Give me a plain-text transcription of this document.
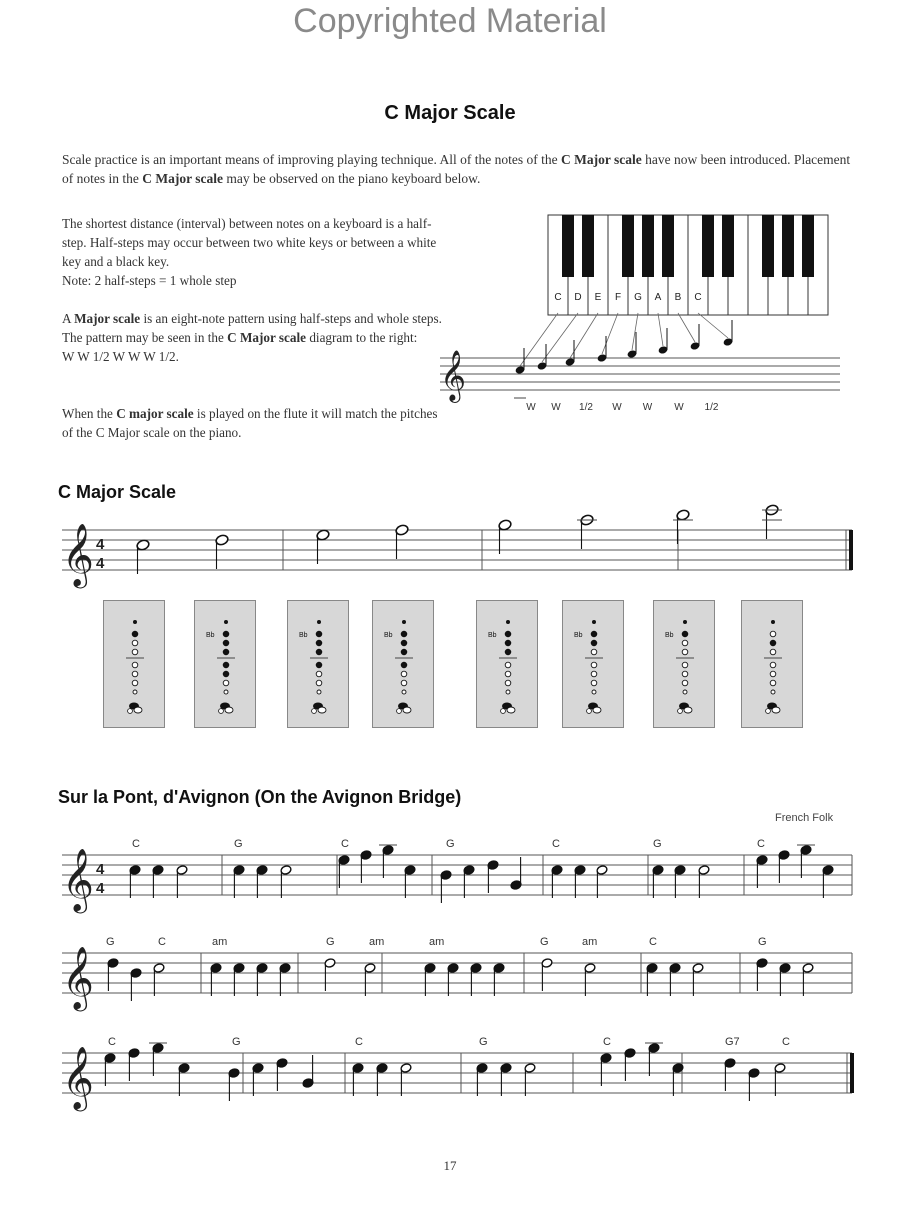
Copyrighted Material
C Major Scale
Scale practice is an important means of improving playing technique. All of the notes of the C Major scale have now been introduced. Placement of notes in the C Major scale may be observed on the piano keyboard below.

The shortest distance (interval) between notes on a keyboard is a half-step. Half-steps may occur between two white keys or between a white key and a black key.

Note: 2 half-steps = 1 whole step

A Major scale is an eight-note pattern using half-steps and whole steps. The pattern may be seen in the C Major scale diagram to the right:

W W 1/2 W W W 1/2.

When the C major scale is played on the flute it will match the pitches of the C Major scale on the piano.

C D E F G A B C
𝄞
W W 1/2 W W W 1/2
C Major Scale
𝄞 4
4
Bb	Bb	Bb	Bb	Bb	Bb
Sur la Pont, d'Avignon (On the Avignon Bridge)
French Folk
𝄞 4
4
𝄞
𝄞
C	G	C	G	C	G	C
G	C	am	G	am	am	G	am	C	G
C	G	C	G	C	G7	C
17
